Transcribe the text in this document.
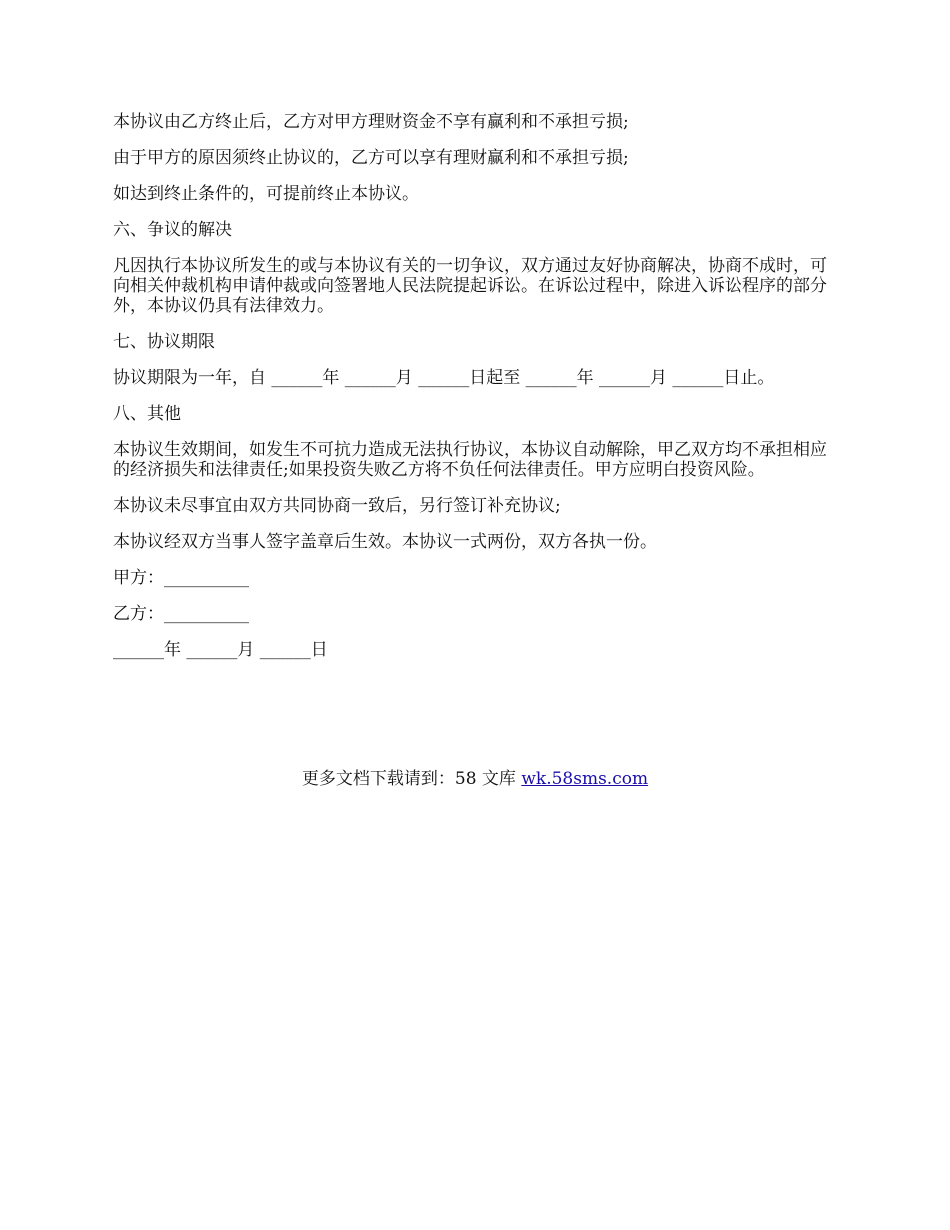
本协议由乙方终止后，乙方对甲方理财资金不享有赢利和不承担亏损;

由于甲方的原因须终止协议的，乙方可以享有理财赢利和不承担亏损;

如达到终止条件的，可提前终止本协议。

六、争议的解决

凡因执行本协议所发生的或与本协议有关的一切争议，双方通过友好协商解决，协商不成时，可向相关仲裁机构申请仲裁或向签署地人民法院提起诉讼。在诉讼过程中，除进入诉讼程序的部分外，本协议仍具有法律效力。

七、协议期限

协议期限为一年，自 ______年 ______月 ______日起至 ______年 ______月 ______日止。

八、其他

本协议生效期间，如发生不可抗力造成无法执行协议，本协议自动解除，甲乙双方均不承担相应的经济损失和法律责任;如果投资失败乙方将不负任何法律责任。甲方应明白投资风险。

本协议未尽事宜由双方共同协商一致后，另行签订补充协议;

本协议经双方当事人签字盖章后生效。本协议一式两份，双方各执一份。

甲方：__________

乙方：__________

______年 ______月 ______日

更多文档下载请到：58 文库 wk.58sms.com
